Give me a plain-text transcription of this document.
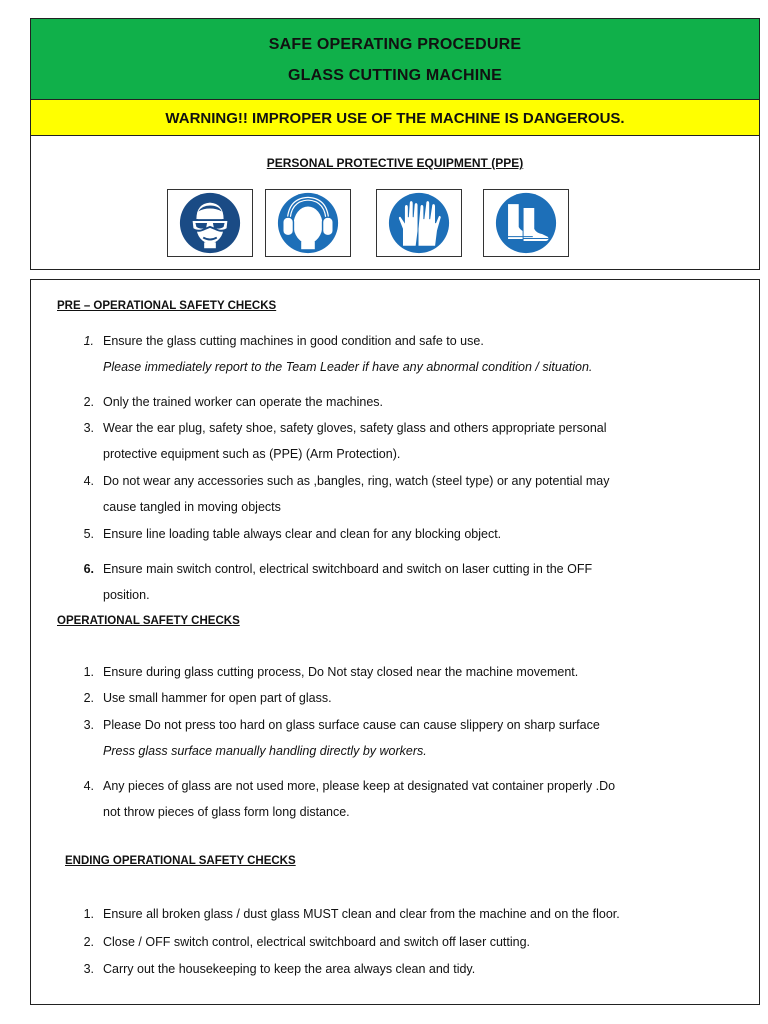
SAFE OPERATING PROCEDURE
GLASS CUTTING MACHINE
WARNING!! IMPROPER USE OF THE MACHINE IS DANGEROUS.
PERSONAL PROTECTIVE EQUIPMENT (PPE)
PRE – OPERATIONAL SAFETY CHECKS
1. Ensure the glass cutting machines in good condition and safe to use.
Please immediately report to the Team Leader if have any abnormal condition / situation.
2. Only the trained worker can operate the machines.
3. Wear the ear plug, safety shoe, safety gloves, safety glass and others appropriate personal
protective equipment such as (PPE) (Arm Protection).
4. Do not wear any accessories such as ,bangles, ring, watch (steel type) or any potential may
cause tangled in moving objects
5. Ensure line loading table always clear and clean for any blocking object.
6. Ensure main switch control, electrical switchboard and switch on laser cutting in the OFF
position.
OPERATIONAL SAFETY CHECKS
1. Ensure during glass cutting process, Do Not stay closed near the machine movement.
2. Use small hammer for open part of glass.
3. Please Do not press too hard on glass surface cause can cause slippery on sharp surface
Press glass surface manually handling directly by workers.
4. Any pieces of glass are not used more, please keep at designated vat container properly .Do
not throw pieces of glass form long distance.
ENDING OPERATIONAL SAFETY CHECKS
1. Ensure all broken glass / dust glass MUST clean and clear from the machine and on the floor.
2. Close / OFF switch control, electrical switchboard and switch off laser cutting.
3. Carry out the housekeeping to keep the area always clean and tidy.
